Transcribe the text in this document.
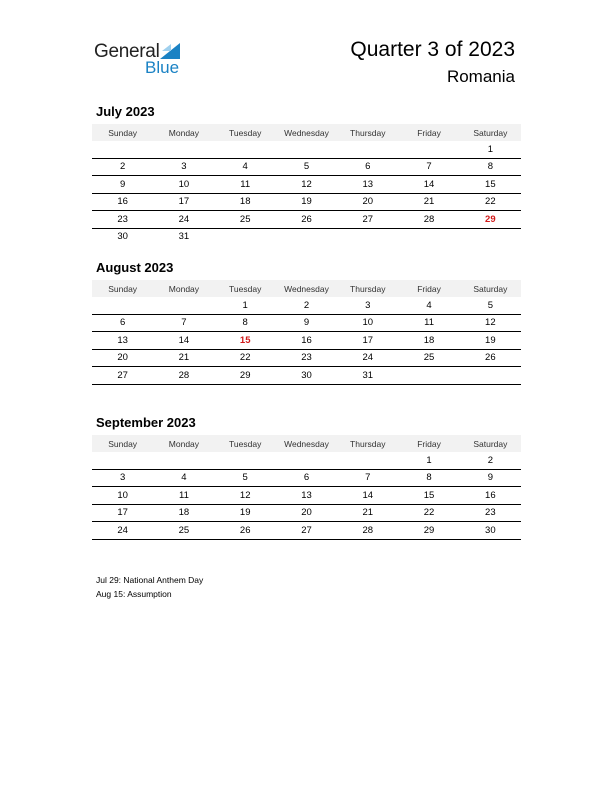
General
Blue
Quarter 3 of 2023
Romania
July 2023
Sunday	Monday	Tuesday	Wednesday	Thursday	Friday	Saturday
						1
2	3	4	5	6	7	8
9	10	11	12	13	14	15
16	17	18	19	20	21	22
23	24	25	26	27	28	29
30	31					
August 2023
Sunday	Monday	Tuesday	Wednesday	Thursday	Friday	Saturday
		1	2	3	4	5
6	7	8	9	10	11	12
13	14	15	16	17	18	19
20	21	22	23	24	25	26
27	28	29	30	31		
September 2023
Sunday	Monday	Tuesday	Wednesday	Thursday	Friday	Saturday
					1	2
3	4	5	6	7	8	9
10	11	12	13	14	15	16
17	18	19	20	21	22	23
24	25	26	27	28	29	30
Jul 29: National Anthem Day
Aug 15: Assumption
